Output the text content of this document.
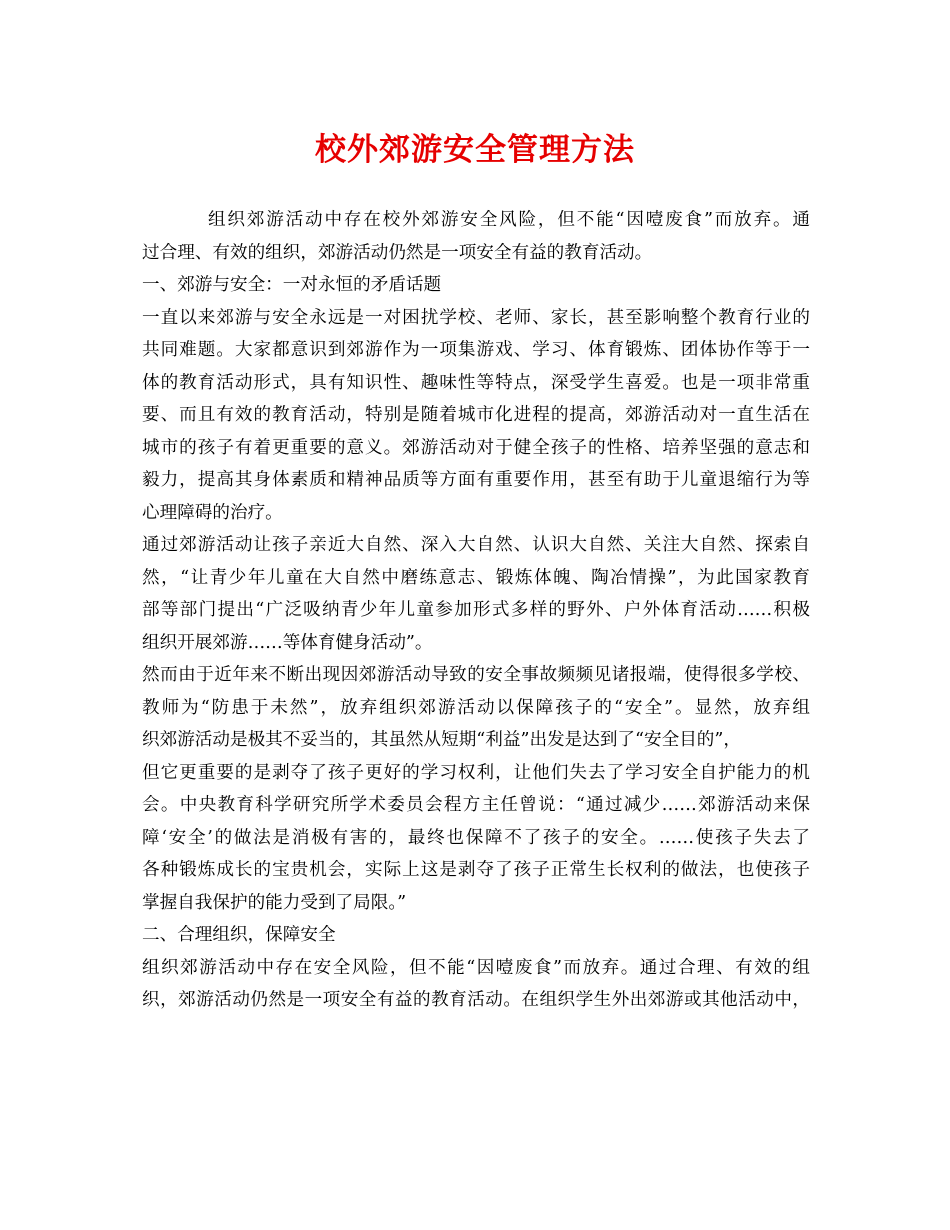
校外郊游安全管理方法
组织郊游活动中存在校外郊游安全风险，但不能“因噎废食”而放弃。通
过合理、有效的组织，郊游活动仍然是一项安全有益的教育活动。
一、郊游与安全：一对永恒的矛盾话题
一直以来郊游与安全永远是一对困扰学校、老师、家长，甚至影响整个教育行业的
共同难题。大家都意识到郊游作为一项集游戏、学习、体育锻炼、团体协作等于一
体的教育活动形式，具有知识性、趣味性等特点，深受学生喜爱。也是一项非常重
要、而且有效的教育活动，特别是随着城市化进程的提高，郊游活动对一直生活在
城市的孩子有着更重要的意义。郊游活动对于健全孩子的性格、培养坚强的意志和
毅力，提高其身体素质和精神品质等方面有重要作用，甚至有助于儿童退缩行为等
心理障碍的治疗。
通过郊游活动让孩子亲近大自然、深入大自然、认识大自然、关注大自然、探索自
然，“让青少年儿童在大自然中磨练意志、锻炼体魄、陶冶情操”，为此国家教育
部等部门提出“广泛吸纳青少年儿童参加形式多样的野外、户外体育活动……积极
组织开展郊游……等体育健身活动”。
然而由于近年来不断出现因郊游活动导致的安全事故频频见诸报端，使得很多学校、
教师为“防患于未然”，放弃组织郊游活动以保障孩子的“安全”。显然，放弃组
织郊游活动是极其不妥当的，其虽然从短期“利益”出发是达到了“安全目的”，
但它更重要的是剥夺了孩子更好的学习权利，让他们失去了学习安全自护能力的机
会。中央教育科学研究所学术委员会程方主任曾说：“通过减少……郊游活动来保
障‘安全’的做法是消极有害的，最终也保障不了孩子的安全。……使孩子失去了
各种锻炼成长的宝贵机会，实际上这是剥夺了孩子正常生长权利的做法，也使孩子
掌握自我保护的能力受到了局限。”
二、合理组织，保障安全
组织郊游活动中存在安全风险，但不能“因噎废食”而放弃。通过合理、有效的组
织，郊游活动仍然是一项安全有益的教育活动。在组织学生外出郊游或其他活动中，
